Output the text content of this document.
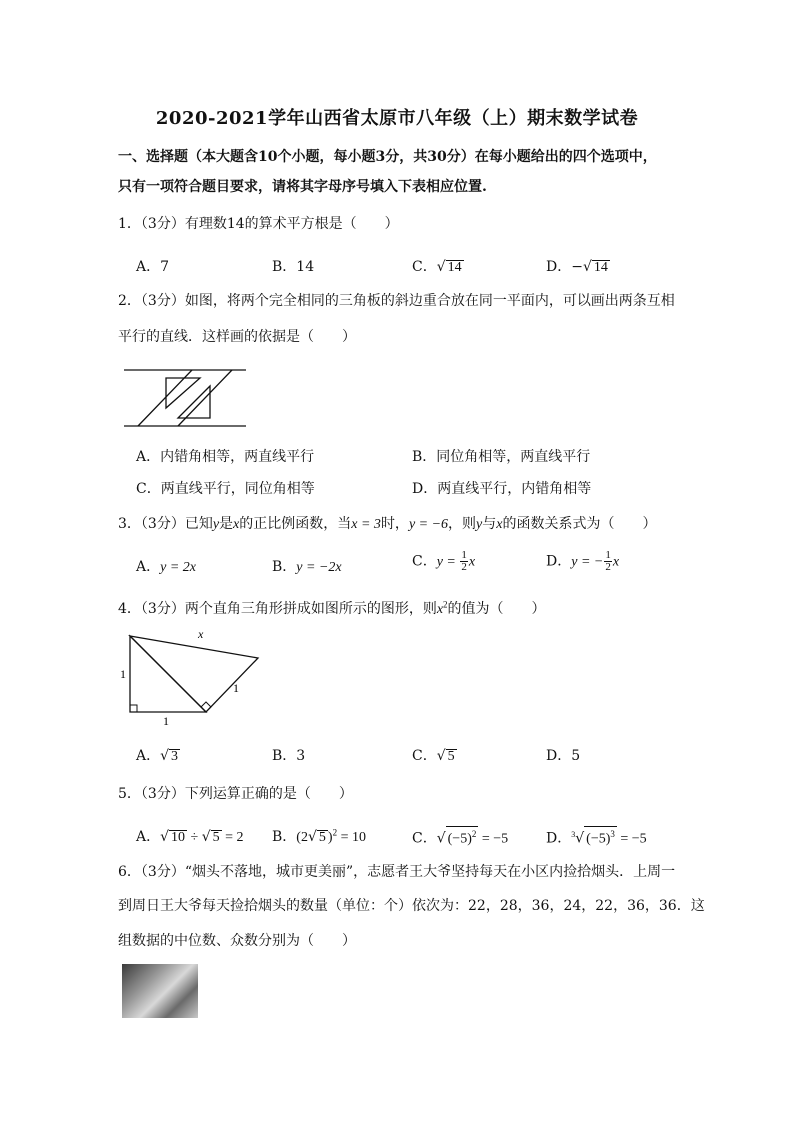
2020-2021学年山西省太原市八年级（上）期末数学试卷
一、选择题（本大题含10个小题，每小题3分，共30分）在每小题给出的四个选项中，
只有一项符合题目要求，请将其字母序号填入下表相应位置.
1．（3分）有理数14的算术平方根是（　　）
A．7	B．14	C．√ 14	D．−√ 14
2．（3分）如图，将两个完全相同的三角板的斜边重合放在同一平面内，可以画出两条互相
平行的直线．这样画的依据是（　　）
A．内错角相等，两直线平行	B．同位角相等，两直线平行
C．两直线平行，同位角相等	D．两直线平行，内错角相等
3．（3分）已知y是x的正比例函数，当x = 3时，y = −6，则y与x的函数关系式为（　　）
A．y = 2x	B．y = −2x	C．$y = \frac{1}{2}$ x	D．y = − $\frac{1}{2}$ x
4．（3分）两个直角三角形拼成如图所示的图形，则$x^2$的值为（　　）
x
1
1
1
A．√ 3	B．3	C．√ 5	D．5
5．（3分）下列运算正确的是（　　）
A．√ 10 ÷ √ 5 = 2 B．(2√ 5 )$^2$ = 10	C．√ $(-5)^2 = -5$	D．$^3$√ $(-5)^3 = -5$
6．（3分）“烟头不落地，城市更美丽”，志愿者王大爷坚持每天在小区内捡拾烟头．上周一
到周日王大爷每天捡拾烟头的数量（单位：个）依次为：22，28，36，24，22，36，36．这
组数据的中位数、众数分别为（　　）
